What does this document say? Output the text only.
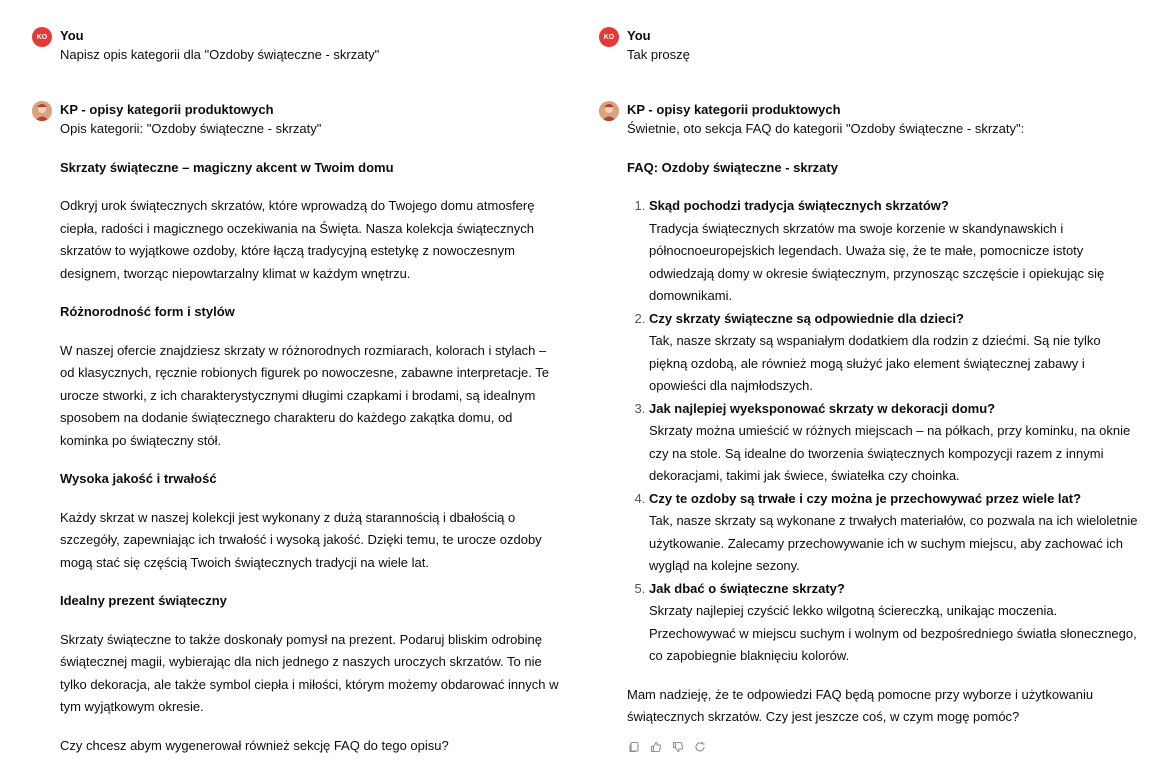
KO You
Napisz opis kategorii dla "Ozdoby świąteczne - skrzaty"
KP - opisy kategorii produktowych

Opis kategorii: "Ozdoby świąteczne - skrzaty"

Skrzaty świąteczne – magiczny akcent w Twoim domu

Odkryj urok świątecznych skrzatów, które wprowadzą do Twojego domu atmosferę ciepła, radości i magicznego oczekiwania na Święta. Nasza kolekcja świątecznych skrzatów to wyjątkowe ozdoby, które łączą tradycyjną estetykę z nowoczesnym designem, tworząc niepowtarzalny klimat w każdym wnętrzu.

Różnorodność form i stylów

W naszej ofercie znajdziesz skrzaty w różnorodnych rozmiarach, kolorach i stylach – od klasycznych, ręcznie robionych figurek po nowoczesne, zabawne interpretacje. Te urocze stworki, z ich charakterystycznymi długimi czapkami i brodami, są idealnym sposobem na dodanie świątecznego charakteru do każdego zakątka domu, od kominka po świąteczny stół.

Wysoka jakość i trwałość

Każdy skrzat w naszej kolekcji jest wykonany z dużą starannością i dbałością o szczegóły, zapewniając ich trwałość i wysoką jakość. Dzięki temu, te urocze ozdoby mogą stać się częścią Twoich świątecznych tradycji na wiele lat.

Idealny prezent świąteczny

Skrzaty świąteczne to także doskonały pomysł na prezent. Podaruj bliskim odrobinę świątecznej magii, wybierając dla nich jednego z naszych uroczych skrzatów. To nie tylko dekoracja, ale także symbol ciepła i miłości, którym możemy obdarować innych w tym wyjątkowym okresie.

Czy chcesz abym wygenerował również sekcję FAQ do tego opisu?

KO You
Tak proszę
KP - opisy kategorii produktowych

Świetnie, oto sekcja FAQ do kategorii "Ozdoby świąteczne - skrzaty":

FAQ: Ozdoby świąteczne - skrzaty

1. Skąd pochodzi tradycja świątecznych skrzatów?
Tradycja świątecznych skrzatów ma swoje korzenie w skandynawskich i północnoeuropejskich legendach. Uważa się, że te małe, pomocnicze istoty odwiedzają domy w okresie świątecznym, przynosząc szczęście i opiekując się domownikami.
2. Czy skrzaty świąteczne są odpowiednie dla dzieci?
Tak, nasze skrzaty są wspaniałym dodatkiem dla rodzin z dziećmi. Są nie tylko piękną ozdobą, ale również mogą służyć jako element świątecznej zabawy i opowieści dla najmłodszych.
3. Jak najlepiej wyeksponować skrzaty w dekoracji domu?
Skrzaty można umieścić w różnych miejscach – na półkach, przy kominku, na oknie czy na stole. Są idealne do tworzenia świątecznych kompozycji razem z innymi dekoracjami, takimi jak świece, światełka czy choinka.
4. Czy te ozdoby są trwałe i czy można je przechowywać przez wiele lat?
Tak, nasze skrzaty są wykonane z trwałych materiałów, co pozwala na ich wieloletnie użytkowanie. Zalecamy przechowywanie ich w suchym miejscu, aby zachować ich wygląd na kolejne sezony.
5. Jak dbać o świąteczne skrzaty?
Skrzaty najlepiej czyścić lekko wilgotną ściereczką, unikając moczenia. Przechowywać w miejscu suchym i wolnym od bezpośredniego światła słonecznego, co zapobiegnie blaknięciu kolorów.

Mam nadzieję, że te odpowiedzi FAQ będą pomocne przy wyborze i użytkowaniu świątecznych skrzatów. Czy jest jeszcze coś, w czym mogę pomóc?
